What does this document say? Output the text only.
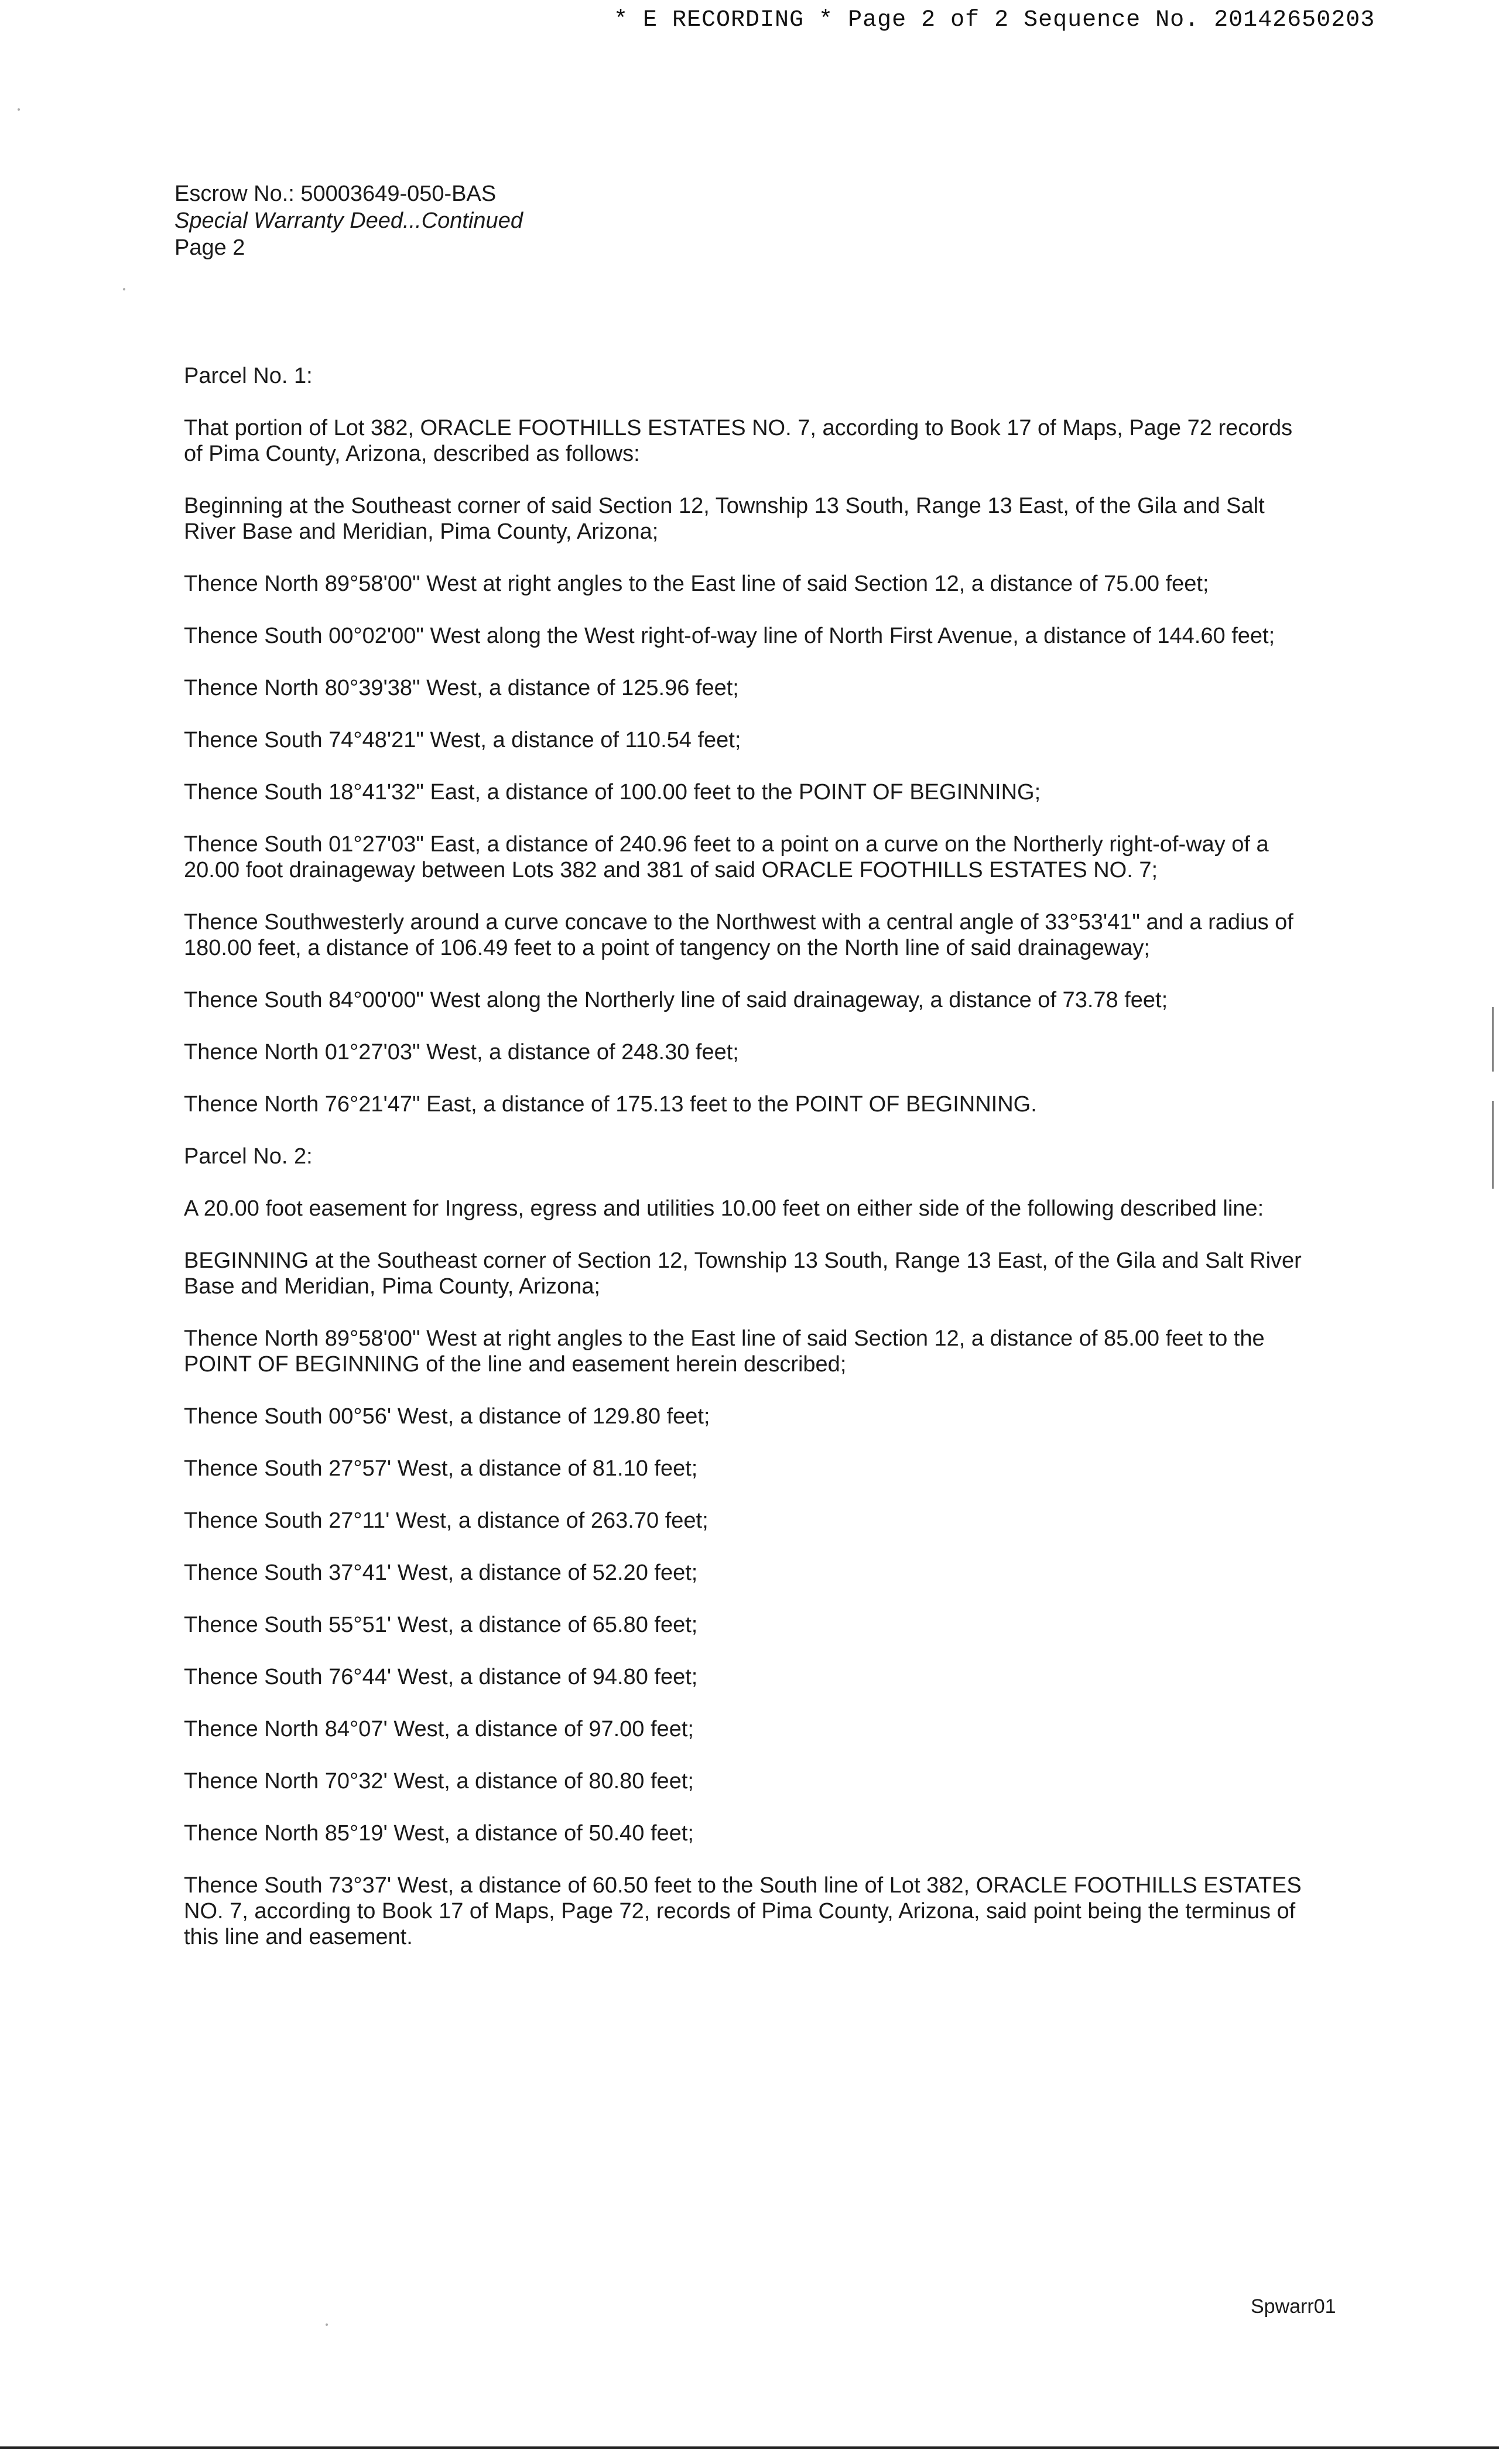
* E RECORDING * Page 2 of 2 Sequence No. 20142650203
Escrow No.: 50003649-050-BAS
Special Warranty Deed...Continued
Page 2

Parcel No. 1:

That portion of Lot 382, ORACLE FOOTHILLS ESTATES NO. 7, according to Book 17 of Maps, Page 72 records of Pima County, Arizona, described as follows:

Beginning at the Southeast corner of said Section 12, Township 13 South, Range 13 East, of the Gila and Salt River Base and Meridian, Pima County, Arizona;

Thence North 89°58'00" West at right angles to the East line of said Section 12, a distance of 75.00 feet;

Thence South 00°02'00" West along the West right-of-way line of North First Avenue, a distance of 144.60 feet;

Thence North 80°39'38" West, a distance of 125.96 feet;

Thence South 74°48'21" West, a distance of 110.54 feet;

Thence South 18°41'32" East, a distance of 100.00 feet to the POINT OF BEGINNING;

Thence South 01°27'03" East, a distance of 240.96 feet to a point on a curve on the Northerly right-of-way of a 20.00 foot drainageway between Lots 382 and 381 of said ORACLE FOOTHILLS ESTATES NO. 7;

Thence Southwesterly around a curve concave to the Northwest with a central angle of 33°53'41" and a radius of 180.00 feet, a distance of 106.49 feet to a point of tangency on the North line of said drainageway;

Thence South 84°00'00" West along the Northerly line of said drainageway, a distance of 73.78 feet;

Thence North 01°27'03" West, a distance of 248.30 feet;

Thence North 76°21'47" East, a distance of 175.13 feet to the POINT OF BEGINNING.

Parcel No. 2:

A 20.00 foot easement for Ingress, egress and utilities 10.00 feet on either side of the following described line:

BEGINNING at the Southeast corner of Section 12, Township 13 South, Range 13 East, of the Gila and Salt River Base and Meridian, Pima County, Arizona;

Thence North 89°58'00" West at right angles to the East line of said Section 12, a distance of 85.00 feet to the POINT OF BEGINNING of the line and easement herein described;

Thence South 00°56' West, a distance of 129.80 feet;

Thence South 27°57' West, a distance of 81.10 feet;

Thence South 27°11' West, a distance of 263.70 feet;

Thence South 37°41' West, a distance of 52.20 feet;

Thence South 55°51' West, a distance of 65.80 feet;

Thence South 76°44' West, a distance of 94.80 feet;

Thence North 84°07' West, a distance of 97.00 feet;

Thence North 70°32' West, a distance of 80.80 feet;

Thence North 85°19' West, a distance of 50.40 feet;

Thence South 73°37' West, a distance of 60.50 feet to the South line of Lot 382, ORACLE FOOTHILLS ESTATES NO. 7, according to Book 17 of Maps, Page 72, records of Pima County, Arizona, said point being the terminus of this line and easement.

Spwarr01
